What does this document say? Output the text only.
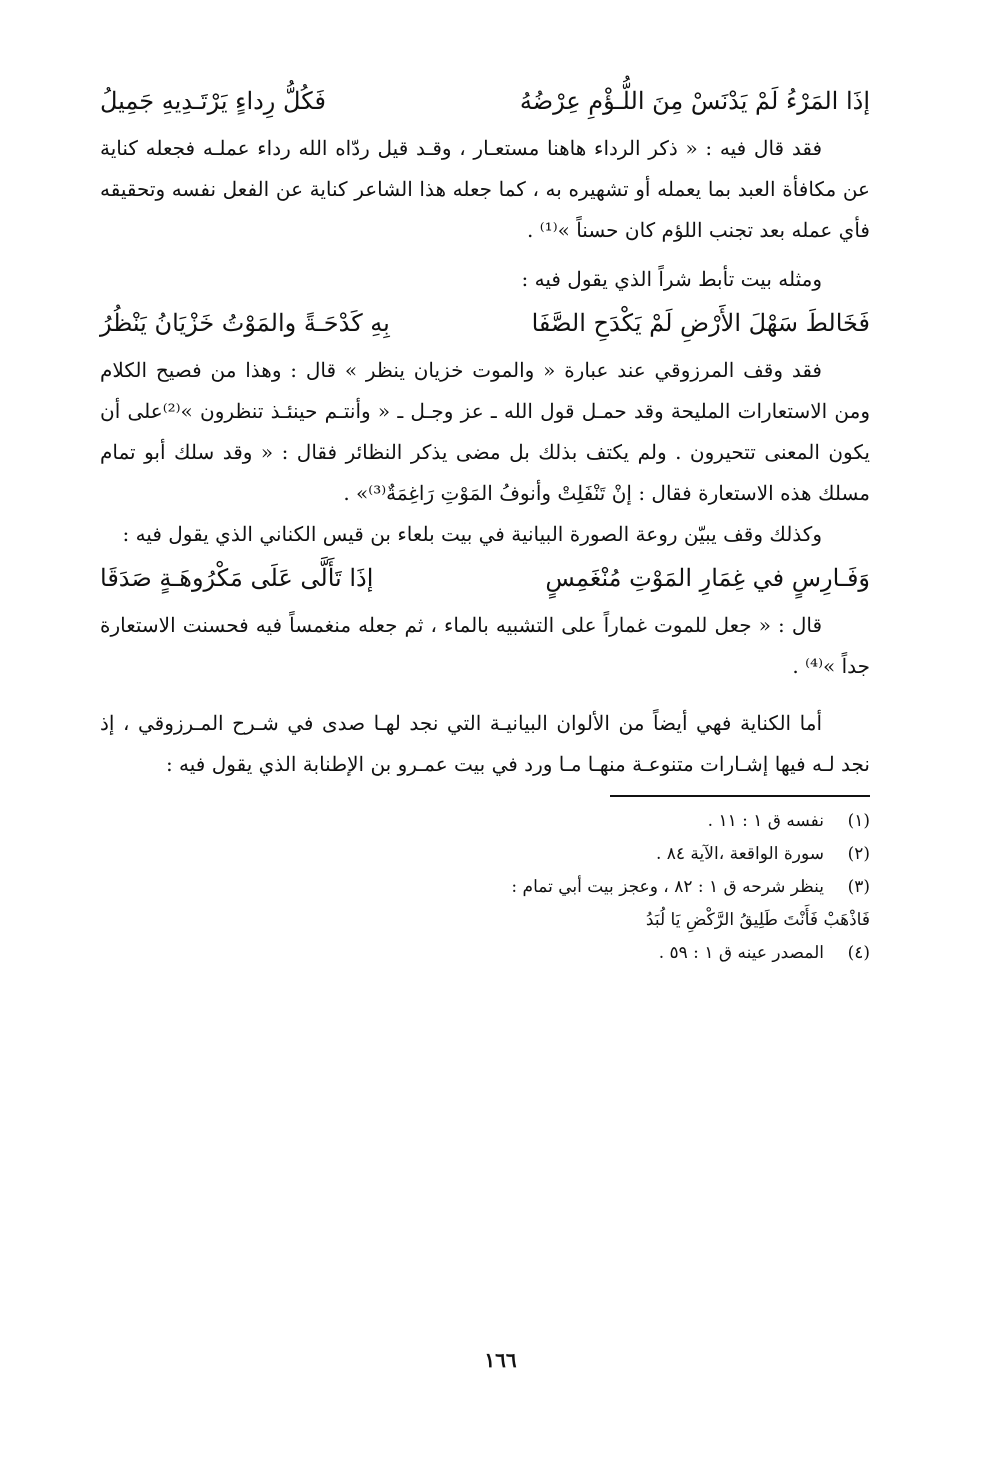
إذَا المَرْءُ لَمْ يَدْنَسْ مِنَ اللُّـؤْمِ عِرْضُهُ
فَكُلُّ رِداءٍ يَرْتَـدِيهِ جَمِيلُ

فقد قال فيه : « ذكر الرداء هاهنا مستعـار ، وقـد قيل ردّاه الله رداء عملـه فجعله كناية عن مكافأة العبد بما يعمله أو تشهيره به ، كما جعله هذا الشاعر كناية عن الفعل نفسه وتحقيقه فأي عمله بعد تجنب اللؤم كان حسناً »⁽¹⁾ .

ومثله بيت تأبط شراً الذي يقول فيه :

فَخَالطَ سَهْلَ الأَرْضِ لَمْ يَكْدَحِ الصَّفَا
بِهِ كَدْحَـةً والمَوْتُ خَزْيَانُ يَنْظُرُ

فقد وقف المرزوقي عند عبارة « والموت خزيان ينظر » قال : وهذا من فصيح الكلام ومن الاستعارات المليحة وقد حمـل قول الله ـ عز وجـل ـ « وأنتـم حينئـذ تنظرون »⁽²⁾على أن يكون المعنى تتحيرون . ولم يكتف بذلك بل مضى يذكر النظائر فقال : « وقد سلك أبو تمام مسلك هذه الاستعارة فقال : إنْ تَنْفَلِتْ وأنوفُ المَوْتِ رَاغِمَةٌ⁽³⁾» .

وكذلك وقف يبيّن روعة الصورة البيانية في بيت بلعاء بن قيس الكناني الذي يقول فيه :

وَفَـارِسٍ في غِمَارِ المَوْتِ مُنْغَمِسٍ
إذَا تَأَلَّى عَلَى مَكْرُوهَـةٍ صَدَقَا

قال : « جعل للموت غماراً على التشبيه بالماء ، ثم جعله منغمساً فيه فحسنت الاستعارة جداً »⁽⁴⁾ .

أما الكناية فهي أيضاً من الألوان البيانيـة التي نجد لهـا صدى في شـرح المـرزوقي ، إذ نجد لـه فيها إشـارات متنوعـة منهـا مـا ورد في بيت عمـرو بن الإطنابة الذي يقول فيه :

(١)
نفسه ق ١ : ١١ .
(٢)
سورة الواقعة ،الآية ٨٤ .
(٣)
ينظر شرحه ق ١ : ٨٢ ، وعجز بيت أبي تمام :
فَاذْهَبْ فَأَنْتَ طَلِيقُ الرَّكْضِ يَا لُبَدُ
(٤)
المصدر عينه ق ١ : ٥٩ .
١٦٦
